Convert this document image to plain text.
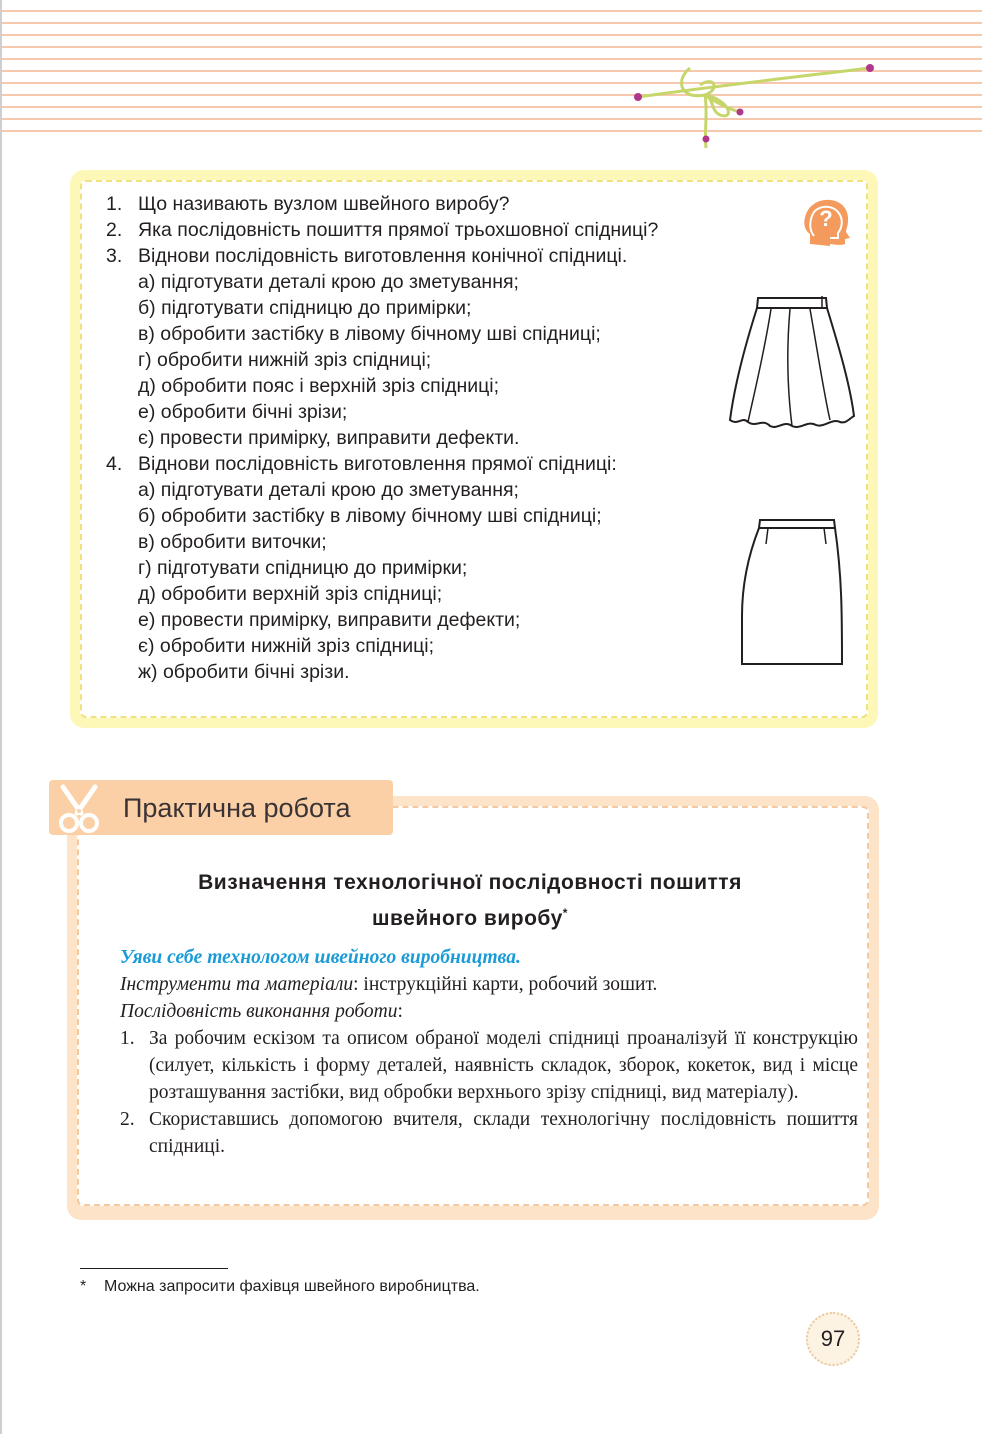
1. Що називають вузлом швейного виробу?
2. Яка послідовність пошиття прямої трьохшовної спідниці?
3. Віднови послідовність виготовлення конічної спідниці.
а) підготувати деталі крою до зметування;
б) підготувати спідницю до примірки;
в) обробити застібку в лівому бічному шві спідниці;
г) обробити нижній зріз спідниці;
д) обробити пояс і верхній зріз спідниці;
е) обробити бічні зрізи;
є) провести примірку, виправити дефекти.
4. Віднови послідовність виготовлення прямої спідниці:
а) підготувати деталі крою до зметування;
б) обробити застібку в лівому бічному шві спідниці;
в) обробити виточки;
г) підготувати спідницю до примірки;
д) обробити верхній зріз спідниці;
е) провести примірку, виправити дефекти;
є) обробити нижній зріз спідниці;
ж) обробити бічні зрізи.
?
Практична робота
Визначення технологічної послідовності пошиття
швейного виробу*

Уяви себе технологом швейного виробництва.

Інструменти та матеріали: інструкційні карти, робочий зошит.

Послідовність виконання роботи:

1. За робочим ескізом та описом обраної моделі спідниці проаналізуй її конструкцію (силует, кількість і форму деталей, наявність складок, зборок, кокеток, вид і місце розташування застібки, вид обробки верхнього зрізу спідниці, вид матеріалу).
2. Скориставшись допомогою вчителя, склади технологічну послідовність пошиття спідниці.
* Можна запросити фахівця швейного виробництва.
97
